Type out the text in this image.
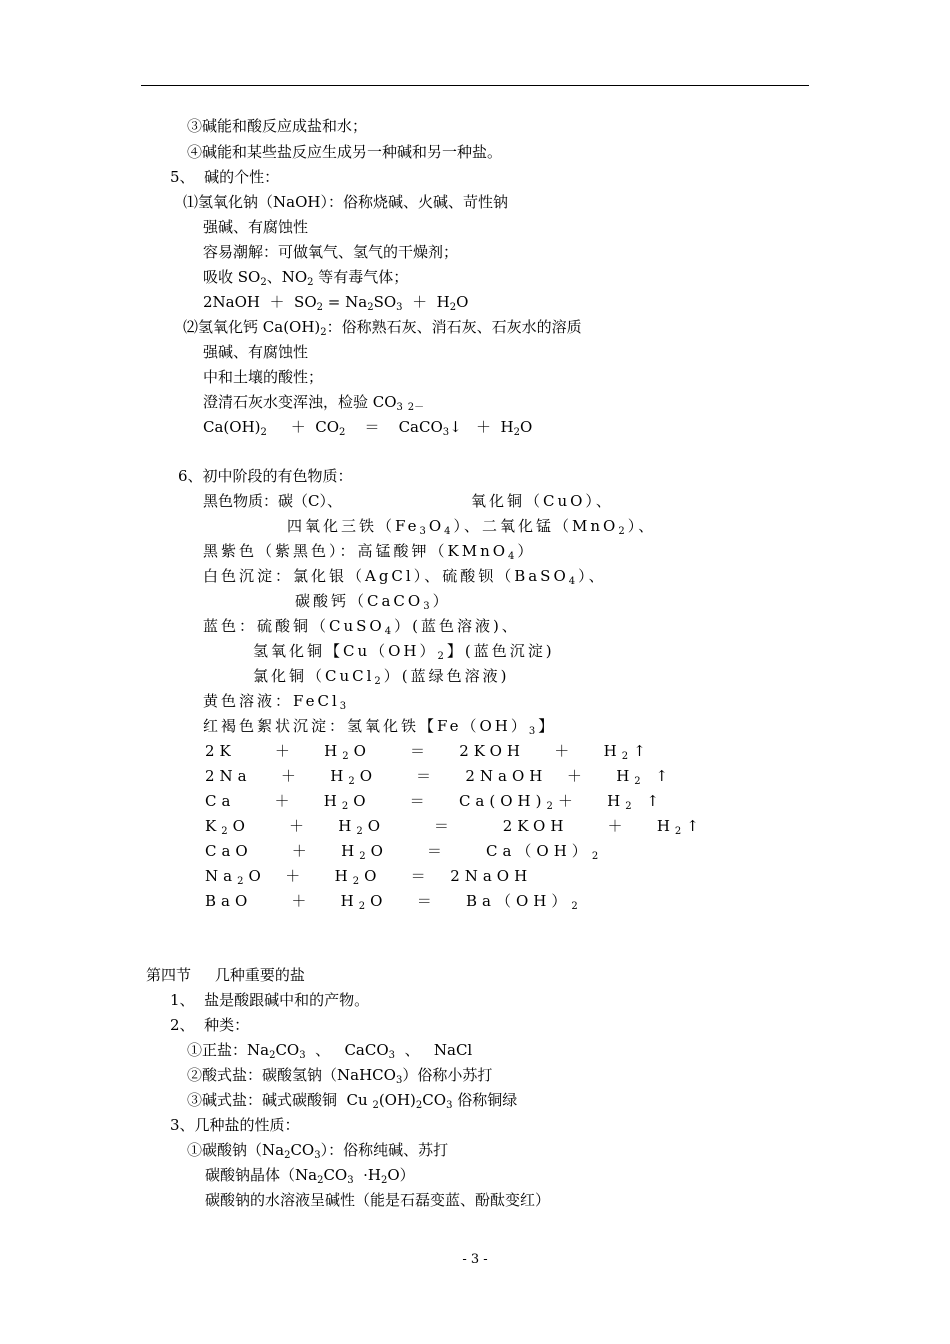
③碱能和酸反应成盐和水；
④碱能和某些盐反应生成另一种碱和另一种盐。
5、  碱的个性：
⑴氢氧化钠（NaOH）：俗称烧碱、火碱、苛性钠
强碱、有腐蚀性
容易潮解：可做氧气、氢气的干燥剂；
吸收 $SO_2$、$NO_2$ 等有毒气体；
2NaOH  ＋  $SO_2 = Na_2SO_3 + H_2O$
⑵氢氧化钙 $Ca(OH)_2$：俗称熟石灰、消石灰、石灰水的溶质
强碱、有腐蚀性
中和土壤的酸性；
澄清石灰水变浑浊，检验 $CO_3$ $_{2-}$
$Ca(OH)_2$     ＋  $CO_2$    ＝    CaCO$_3$↓   ＋  $H_2O$
6、初中阶段的有色物质：
黑色物质：碳（C）、	氧化铜（CuO）、
四氧化三铁$(Fe_3O_4)$、二氧化锰（MnO$_2$）、
黑紫色（紫黑色）：高锰酸钾（KMnO$_4$）
白色沉淀：氯化银（AgCl）、硫酸钡（BaSO$_4$）、
碳酸钙（CaCO$_3$）
蓝色：硫酸铜（CuSO$_4$）(蓝色溶液)、
氢氧化铜【$Cu(OH)_2$】(蓝色沉淀)
氯化铜（CuCl$_2$）(蓝绿色溶液)
黄色溶液：FeCl$_3$
红褐色絮状沉淀：氢氧化铁【$Fe(OH)_3$】
2K    ＋   $H_2O$    ＝   $2KOH + H_2↑$
$2Na + H_2O$    ＝   2NaOH  ＋   $H_2$ ↑
Ca    ＋   $H_2O$    ＝   $Ca(OH)_2+ H_2$ ↑
$K_2O$    ＋   $H_2O$     ＝     2KOH    ＋   $H_2↑$
CaO    ＋   $H_2O$    ＝    $Ca(OH)_2$
$Na_2O + H_2O$   ＝  2NaOH
BaO    ＋   $H_2O = Ba(OH)_2$
第四节     几种重要的盐
1、  盐是酸跟碱中和的产物。
2、  种类：
①正盐：$Na_2CO_3$  、   CaCO$_3$  、   NaCl
②酸式盐：碳酸氢钠（NaHCO$_3$）俗称小苏打
③碱式盐：碱式碳酸铜  Cu $_2(OH)_2CO_3$ 俗称铜绿
3、几种盐的性质：
①碳酸钠$(Na_2CO_3)$：俗称纯碱、苏打
碳酸钠晶体$(Na_2CO_3 \cdot H_2O)$
碳酸钠的水溶液呈碱性（能是石磊变蓝、酚酞变红）
- 3 -
